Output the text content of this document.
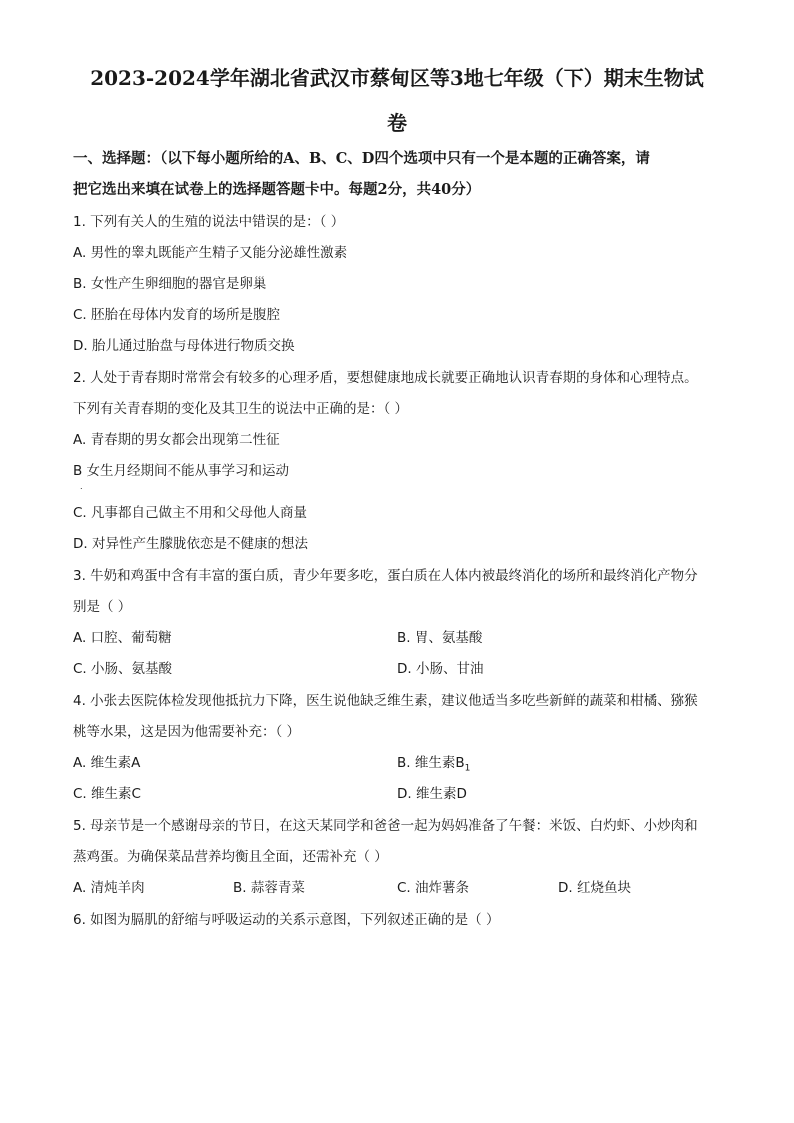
2023-2024学年湖北省武汉市蔡甸区等3地七年级（下）期末生物试
卷
一、选择题：（以下每小题所给的A、B、C、D四个选项中只有一个是本题的正确答案，请
把它选出来填在试卷上的选择题答题卡中。每题2分，共40分）
1. 下列有关人的生殖的说法中错误的是：（ ）
A. 男性的睾丸既能产生精子又能分泌雄性激素
B. 女性产生卵细胞的器官是卵巢
C. 胚胎在母体内发育的场所是腹腔
D. 胎儿通过胎盘与母体进行物质交换
2. 人处于青春期时常常会有较多的心理矛盾，要想健康地成长就要正确地认识青春期的身体和心理特点。
下列有关青春期的变化及其卫生的说法中正确的是：（ ）
A. 青春期的男女都会出现第二性征
B 女生月经期间不能从事学习和运动
.
C. 凡事都自己做主不用和父母他人商量
D. 对异性产生朦胧依恋是不健康的想法
3. 牛奶和鸡蛋中含有丰富的蛋白质，青少年要多吃，蛋白质在人体内被最终消化的场所和最终消化产物分
别是（ ）
A. 口腔、葡萄糖	B. 胃、氨基酸
C. 小肠、氨基酸	D. 小肠、甘油
4. 小张去医院体检发现他抵抗力下降，医生说他缺乏维生素，建议他适当多吃些新鲜的蔬菜和柑橘、猕猴
桃等水果，这是因为他需要补充：（ ）
A. 维生素A	B. 维生素$B_1$
C. 维生素C	D. 维生素D
5. 母亲节是一个感谢母亲的节日，在这天某同学和爸爸一起为妈妈准备了午餐：米饭、白灼虾、小炒肉和
蒸鸡蛋。为确保菜品营养均衡且全面，还需补充（ ）
A. 清炖羊肉	B. 蒜蓉青菜	C. 油炸薯条	D. 红烧鱼块
6. 如图为膈肌的舒缩与呼吸运动的关系示意图，下列叙述正确的是（ ）
